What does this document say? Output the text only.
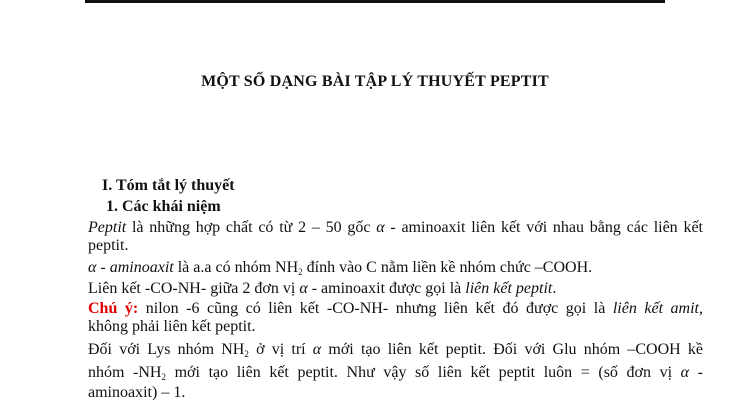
MỘT SỐ DẠNG BÀI TẬP LÝ THUYẾT PEPTIT
I. Tóm tắt lý thuyết
1. Các khái niệm
Peptit là những hợp chất có từ 2 – 50 gốc α - aminoaxit liên kết với nhau bằng các liên kết
peptit.
α - aminoaxit là a.a có nhóm $NH_2$ đính vào C nằm liền kề nhóm chức –COOH.
Liên kết -CO-NH- giữa 2 đơn vị α - aminoaxit được gọi là liên kết peptit.
Chú ý: nilon -6 cũng có liên kết -CO-NH- nhưng liên kết đó được gọi là liên kết amit,
không phải liên kết peptit.
Đối với Lys nhóm $NH_2$ ở vị trí α mới tạo liên kết peptit. Đối với Glu nhóm –COOH kề
nhóm $-NH_2$ mới tạo liên kết peptit. Như vậy số liên kết peptit luôn = (số đơn vị α -
aminoaxit) – 1.
